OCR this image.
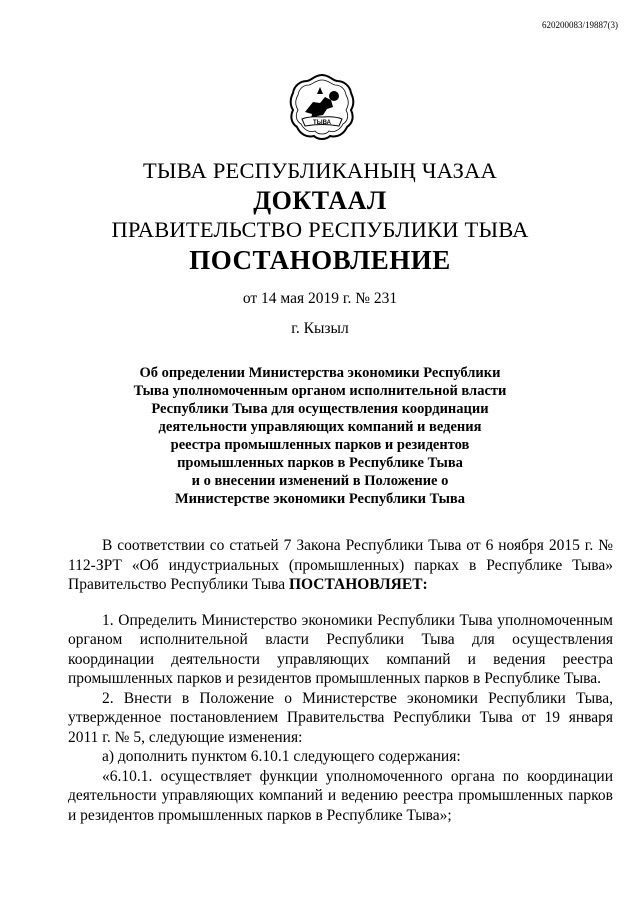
620200083/19887(3)
ТЫВА
ТЫВА РЕСПУБЛИКАНЫҢ ЧАЗАА
ДОКТААЛ
ПРАВИТЕЛЬСТВО РЕСПУБЛИКИ ТЫВА
ПОСТАНОВЛЕНИЕ
от 14 мая 2019 г. № 231
г. Кызыл
Об определении Министерства экономики Республики
Тыва уполномоченным органом исполнительной власти
Республики Тыва для осуществления координации
деятельности управляющих компаний и ведения
реестра промышленных парков и резидентов
промышленных парков в Республике Тыва
и о внесении изменений в Положение о
Министерстве экономики Республики Тыва
В соответствии со статьей 7 Закона Республики Тыва от 6 ноября 2015 г. № 112-ЗРТ «Об индустриальных (промышленных) парках в Республике Тыва» Правительство Республики Тыва ПОСТАНОВЛЯЕТ:
1. Определить Министерство экономики Республики Тыва уполномоченным органом исполнительной власти Республики Тыва для осуществления координации деятельности управляющих компаний и ведения реестра промышленных парков и резидентов промышленных парков в Республике Тыва.
2. Внести в Положение о Министерстве экономики Республики Тыва, утвержденное постановлением Правительства Республики Тыва от 19 января 2011 г. № 5, следующие изменения:
а) дополнить пунктом 6.10.1 следующего содержания:
«6.10.1. осуществляет функции уполномоченного органа по координации деятельности управляющих компаний и ведению реестра промышленных парков и резидентов промышленных парков в Республике Тыва»;
